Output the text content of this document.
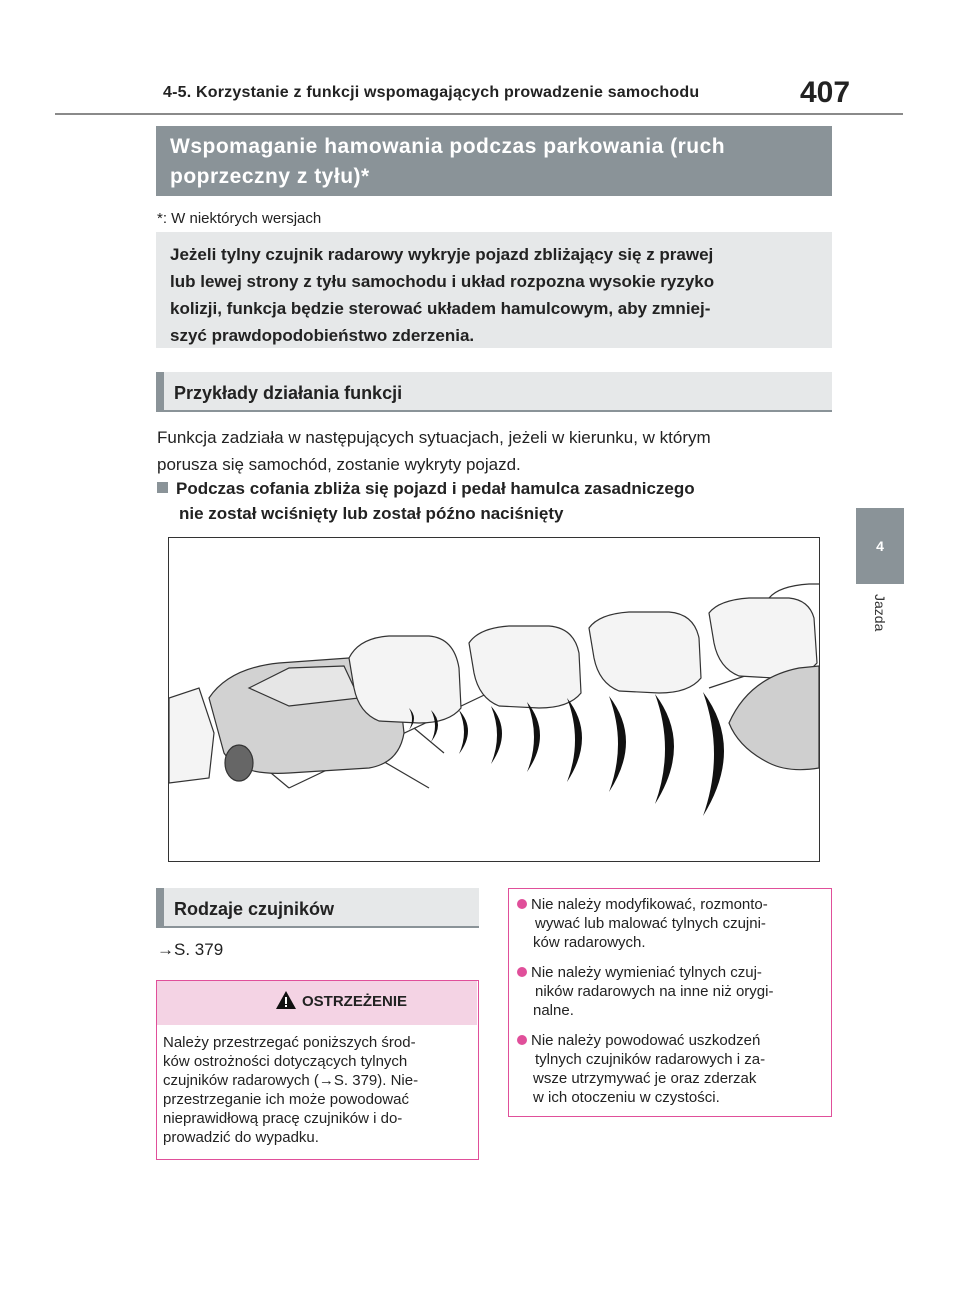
4-5. Korzystanie z funkcji wspomagających prowadzenie samochodu	407
4
Jazda
Wspomaganie hamowania podczas parkowania (ruch
poprzeczny z tyłu)*
*: W niektórych wersjach
Jeżeli tylny czujnik radarowy wykryje pojazd zbliżający się z prawej
lub lewej strony z tyłu samochodu i układ rozpozna wysokie ryzyko
kolizji, funkcja będzie sterować układem hamulcowym, aby zmniej-
szyć prawdopodobieństwo zderzenia.
Przykłady działania funkcji
Funkcja zadziała w następujących sytuacjach, jeżeli w kierunku, w którym
porusza się samochód, zostanie wykryty pojazd.
Podczas cofania zbliża się pojazd i pedał hamulca zasadniczego
nie został wciśnięty lub został późno naciśnięty
Rodzaje czujników
→S. 379
OSTRZEŻENIE
Należy przestrzegać poniższych środ-
ków ostrożności dotyczących tylnych
czujników radarowych (→S. 379). Nie-
przestrzeganie ich może powodować
nieprawidłową pracę czujników i do-
prowadzić do wypadku.
Nie należy modyfikować, rozmonto-
wywać lub malować tylnych czujni-
ków radarowych.
Nie należy wymieniać tylnych czuj-
ników radarowych na inne niż orygi-
nalne.
Nie należy powodować uszkodzeń
tylnych czujników radarowych i za-
wsze utrzymywać je oraz zderzak
w ich otoczeniu w czystości.
